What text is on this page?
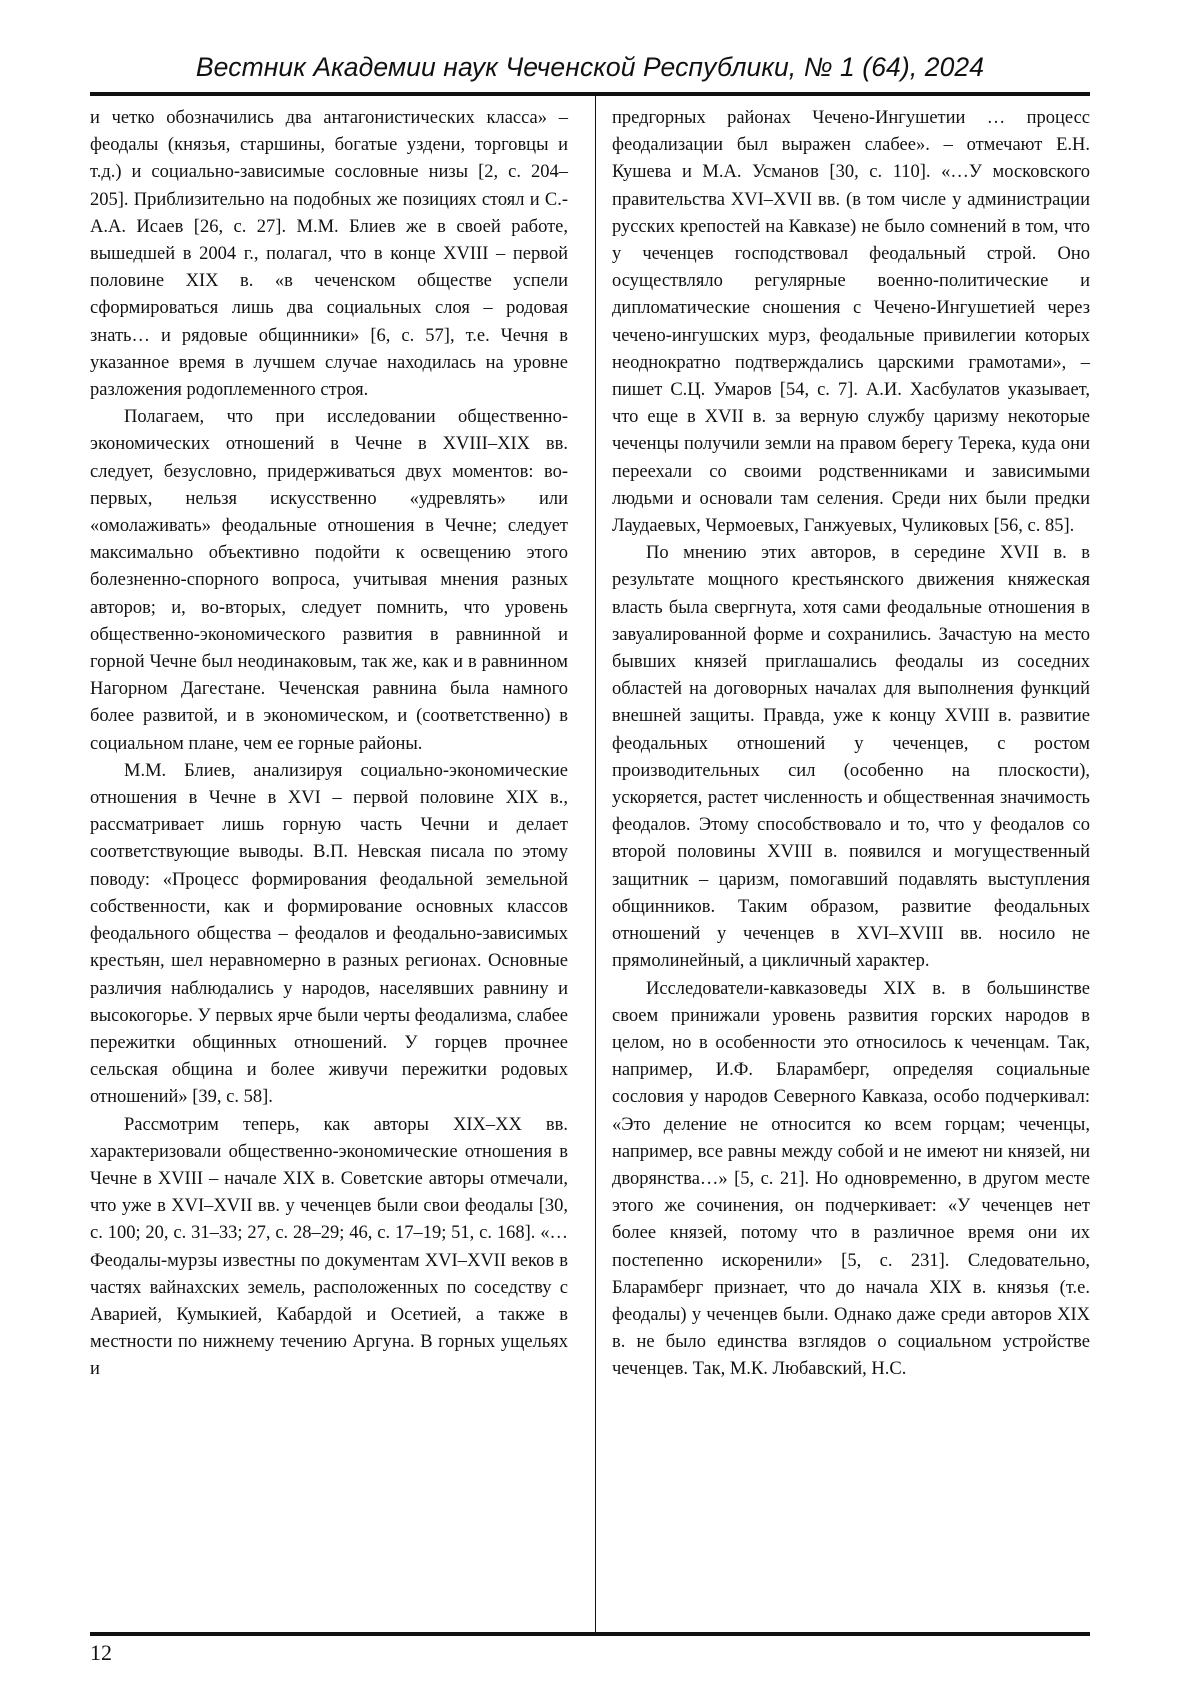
Вестник Академии наук Чеченской Республики, № 1 (64), 2024

и четко обозначились два антагонистических класса» – феодалы (князья, старшины, богатые уздени, торговцы и т.д.) и социально-зависимые сословные низы [2, с. 204–205]. Приблизительно на подобных же позициях стоял и С.-А.А. Исаев [26, с. 27]. М.М. Блиев же в своей работе, вышедшей в 2004 г., полагал, что в конце XVIII – первой половине XIX в. «в чеченском обществе успели сформироваться лишь два социальных слоя – родовая знать… и рядовые общинники» [6, с. 57], т.е. Чечня в указанное время в лучшем случае находилась на уровне разложения родоплеменного строя.

Полагаем, что при исследовании общественно-экономических отношений в Чечне в XVIII–XIX вв. следует, безусловно, придерживаться двух моментов: во-первых, нельзя искусственно «удревлять» или «омолаживать» феодальные отношения в Чечне; следует максимально объективно подойти к освещению этого болезненно-спорного вопроса, учитывая мнения разных авторов; и, во-вторых, следует помнить, что уровень общественно-экономического развития в равнинной и горной Чечне был неодинаковым, так же, как и в равнинном Нагорном Дагестане. Чеченская равнина была намного более развитой, и в экономическом, и (соответственно) в социальном плане, чем ее горные районы.

М.М. Блиев, анализируя социально-экономические отношения в Чечне в XVI – первой половине XIX в., рассматривает лишь горную часть Чечни и делает соответствующие выводы. В.П. Невская писала по этому поводу: «Процесс формирования феодальной земельной собственности, как и формирование основных классов феодального общества – феодалов и феодально-зависимых крестьян, шел неравномерно в разных регионах. Основные различия наблюдались у народов, населявших равнину и высокогорье. У первых ярче были черты феодализма, слабее пережитки общинных отношений. У горцев прочнее сельская община и более живучи пережитки родовых отношений» [39, с. 58].

Рассмотрим теперь, как авторы XIX–XX вв. характеризовали общественно-экономические отношения в Чечне в XVIII – начале XIX в. Советские авторы отмечали, что уже в XVI–XVII вв. у чеченцев были свои феодалы [30, с. 100; 20, с. 31–33; 27, с. 28–29; 46, с. 17–19; 51, с. 168]. «…Феодалы-мурзы известны по документам XVI–XVII веков в частях вайнахских земель, расположенных по соседству с Аварией, Кумыкией, Кабардой и Осетией, а также в местности по нижнему течению Аргуна. В горных ущельях и

предгорных районах Чечено-Ингушетии … процесс феодализации был выражен слабее». – отмечают Е.Н. Кушева и М.А. Усманов [30, с. 110]. «…У московского правительства XVI–XVII вв. (в том числе у администрации русских крепостей на Кавказе) не было сомнений в том, что у чеченцев господствовал феодальный строй. Оно осуществляло регулярные военно-политические и дипломатические сношения с Чечено-Ингушетией через чечено-ингушских мурз, феодальные привилегии которых неоднократно подтверждались царскими грамотами», – пишет С.Ц. Умаров [54, с. 7]. А.И. Хасбулатов указывает, что еще в XVII в. за верную службу царизму некоторые чеченцы получили земли на правом берегу Терека, куда они переехали со своими родственниками и зависимыми людьми и основали там селения. Среди них были предки Лаудаевых, Чермоевых, Ганжуевых, Чуликовых [56, с. 85].

По мнению этих авторов, в середине XVII в. в результате мощного крестьянского движения княжеская власть была свергнута, хотя сами феодальные отношения в завуалированной форме и сохранились. Зачастую на место бывших князей приглашались феодалы из соседних областей на договорных началах для выполнения функций внешней защиты. Правда, уже к концу XVIII в. развитие феодальных отношений у чеченцев, с ростом производительных сил (особенно на плоскости), ускоряется, растет численность и общественная значимость феодалов. Этому способствовало и то, что у феодалов со второй половины XVIII в. появился и могущественный защитник – царизм, помогавший подавлять выступления общинников. Таким образом, развитие феодальных отношений у чеченцев в XVI–XVIII вв. носило не прямолинейный, а цикличный характер.

Исследователи-кавказоведы XIX в. в большинстве своем принижали уровень развития горских народов в целом, но в особенности это относилось к чеченцам. Так, например, И.Ф. Бларамберг, определяя социальные сословия у народов Северного Кавказа, особо подчеркивал: «Это деление не относится ко всем горцам; чеченцы, например, все равны между собой и не имеют ни князей, ни дворянства…» [5, с. 21]. Но одновременно, в другом месте этого же сочинения, он подчеркивает: «У чеченцев нет более князей, потому что в различное время они их постепенно искоренили» [5, с. 231]. Следовательно, Бларамберг признает, что до начала XIX в. князья (т.е. феодалы) у чеченцев были. Однако даже среди авторов XIX в. не было единства взглядов о социальном устройстве чеченцев. Так, М.К. Любавский, Н.С.

12
